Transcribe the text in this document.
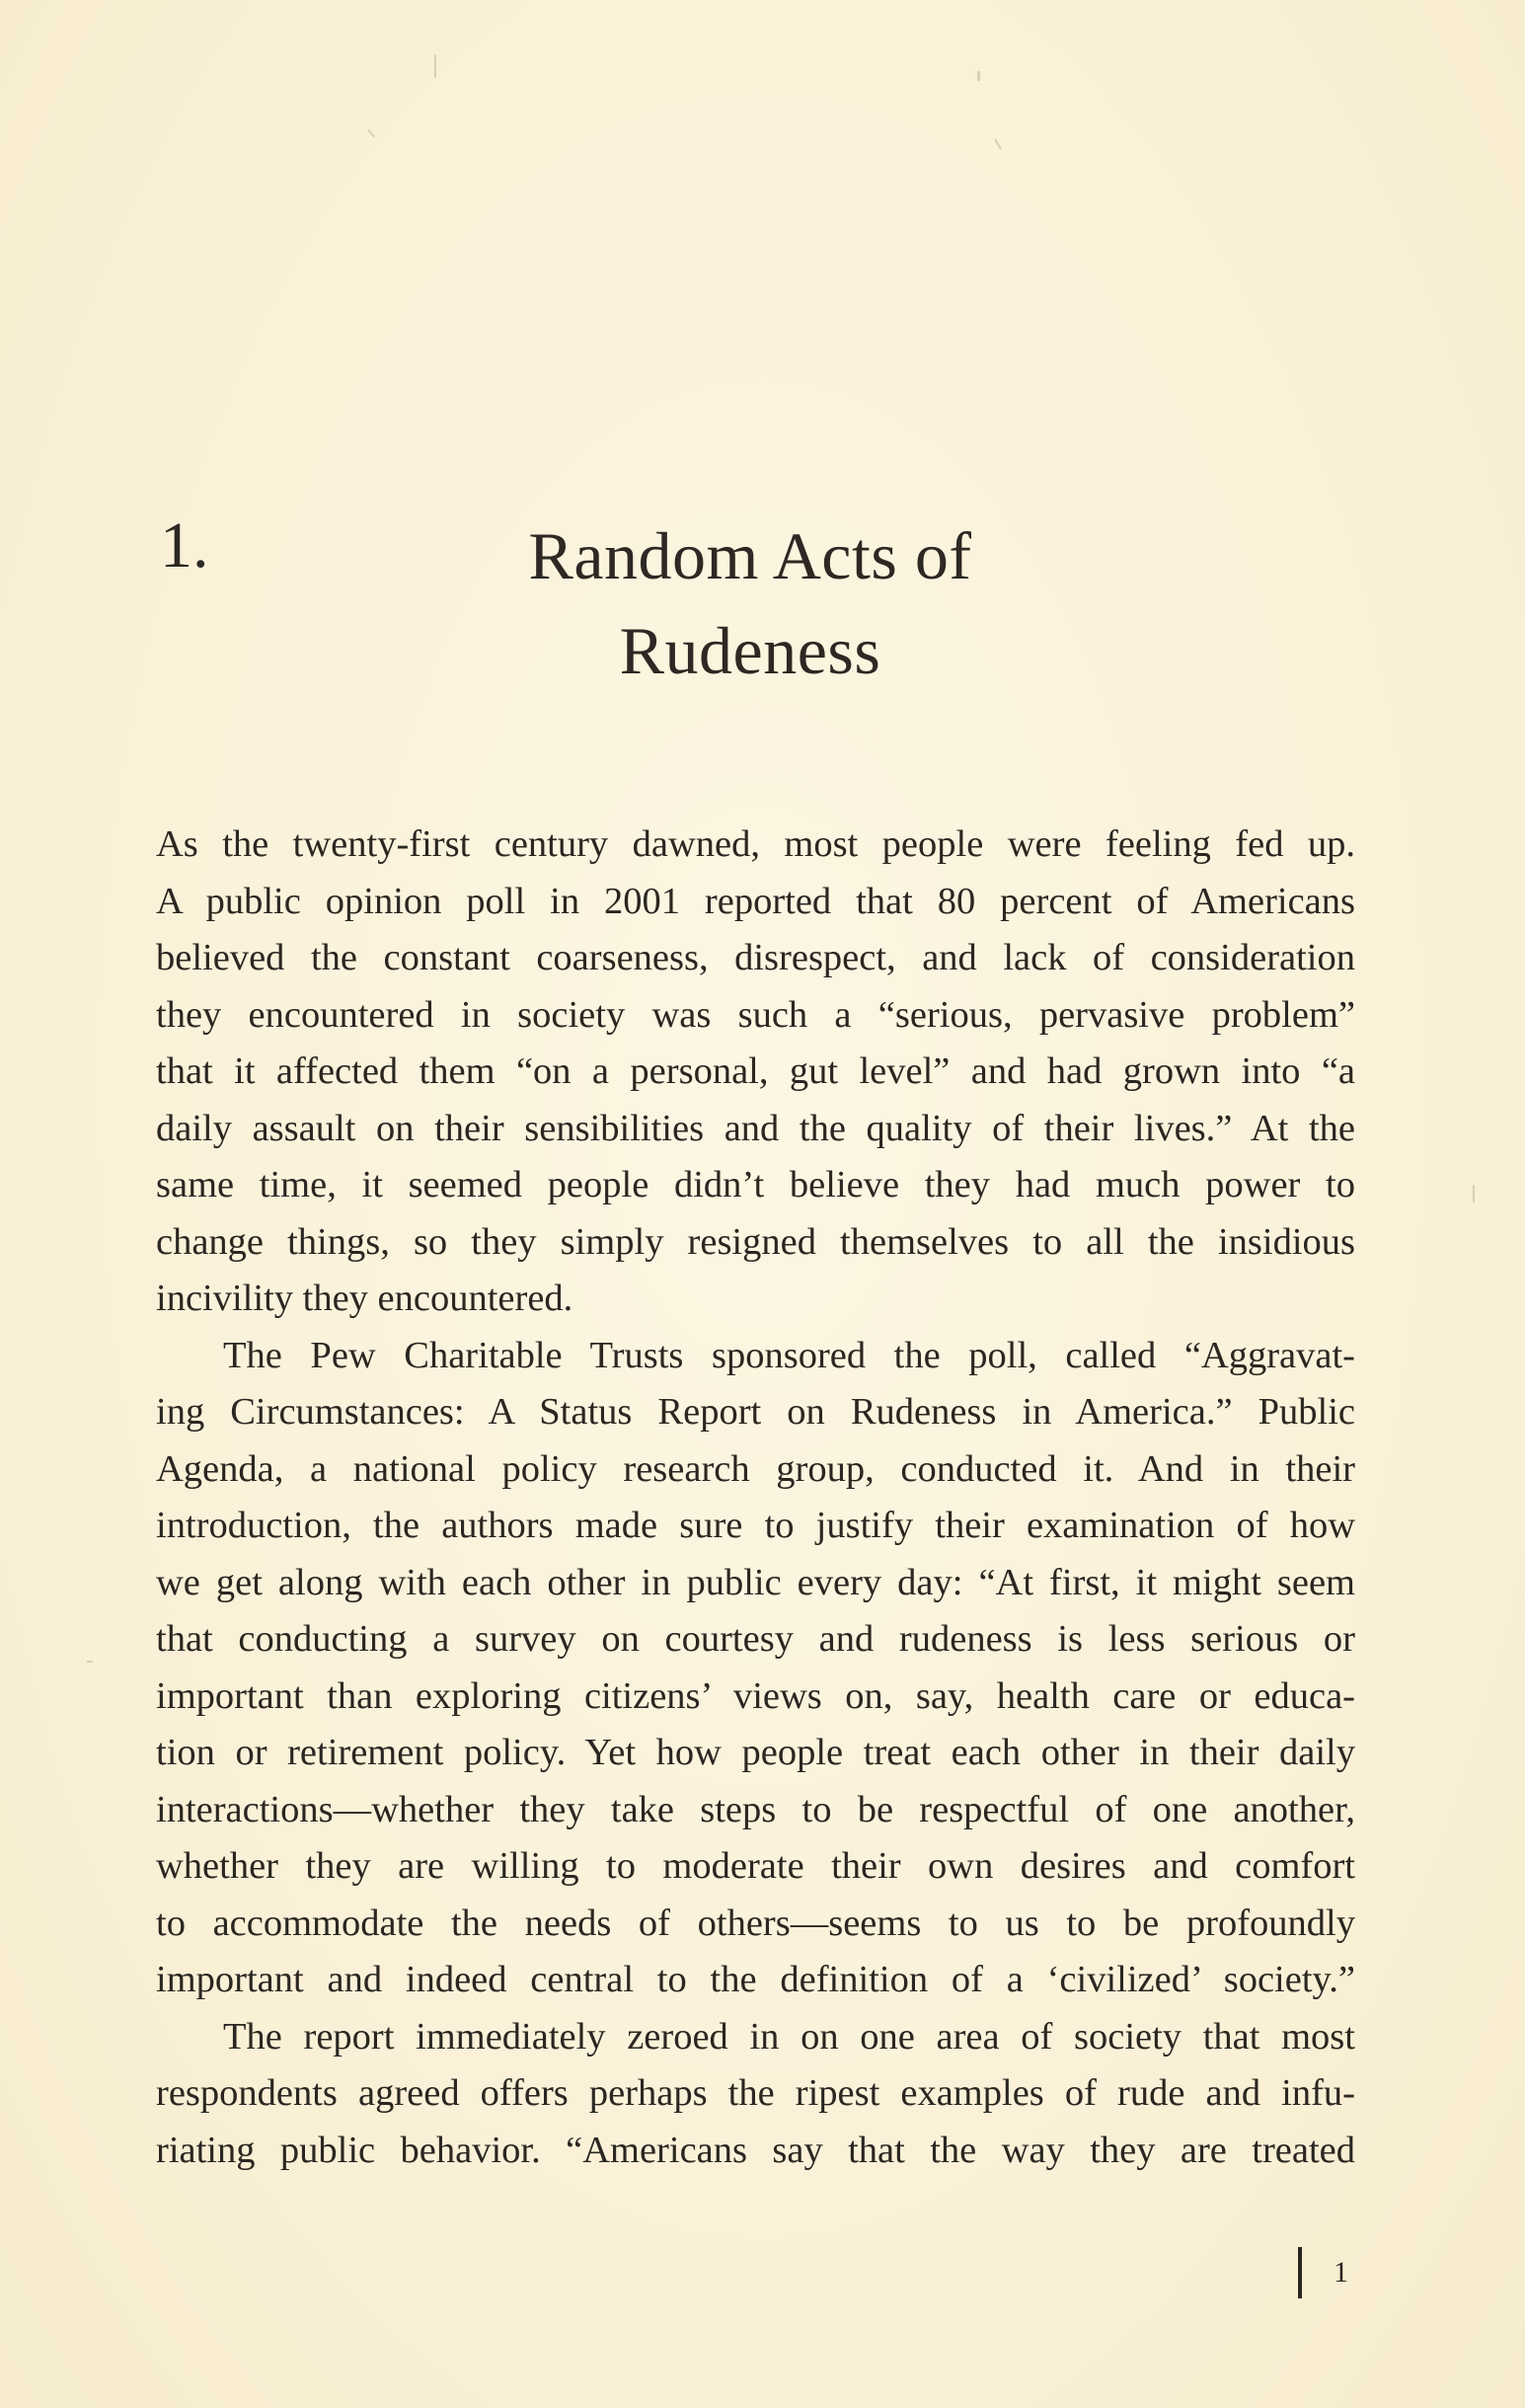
1.	Random Acts of
Rudeness

As the twenty-first century dawned, most people were feeling fed up.
A public opinion poll in 2001 reported that 80 percent of Americans
believed the constant coarseness, disrespect, and lack of consideration
they encountered in society was such a “serious, pervasive problem”
that it affected them “on a personal, gut level” and had grown into “a
daily assault on their sensibilities and the quality of their lives.” At the
same time, it seemed people didn’t believe they had much power to
change things, so they simply resigned themselves to all the insidious
incivility they encountered.

The Pew Charitable Trusts sponsored the poll, called “Aggravat-
ing Circumstances: A Status Report on Rudeness in America.” Public
Agenda, a national policy research group, conducted it. And in their
introduction, the authors made sure to justify their examination of how
we get along with each other in public every day: “At first, it might seem
that conducting a survey on courtesy and rudeness is less serious or
important than exploring citizens’ views on, say, health care or educa-
tion or retirement policy. Yet how people treat each other in their daily
interactions—whether they take steps to be respectful of one another,
whether they are willing to moderate their own desires and comfort
to accommodate the needs of others—seems to us to be profoundly
important and indeed central to the definition of a ‘civilized’ society.”

The report immediately zeroed in on one area of society that most
respondents agreed offers perhaps the ripest examples of rude and infu-
riating public behavior. “Americans say that the way they are treated

1
